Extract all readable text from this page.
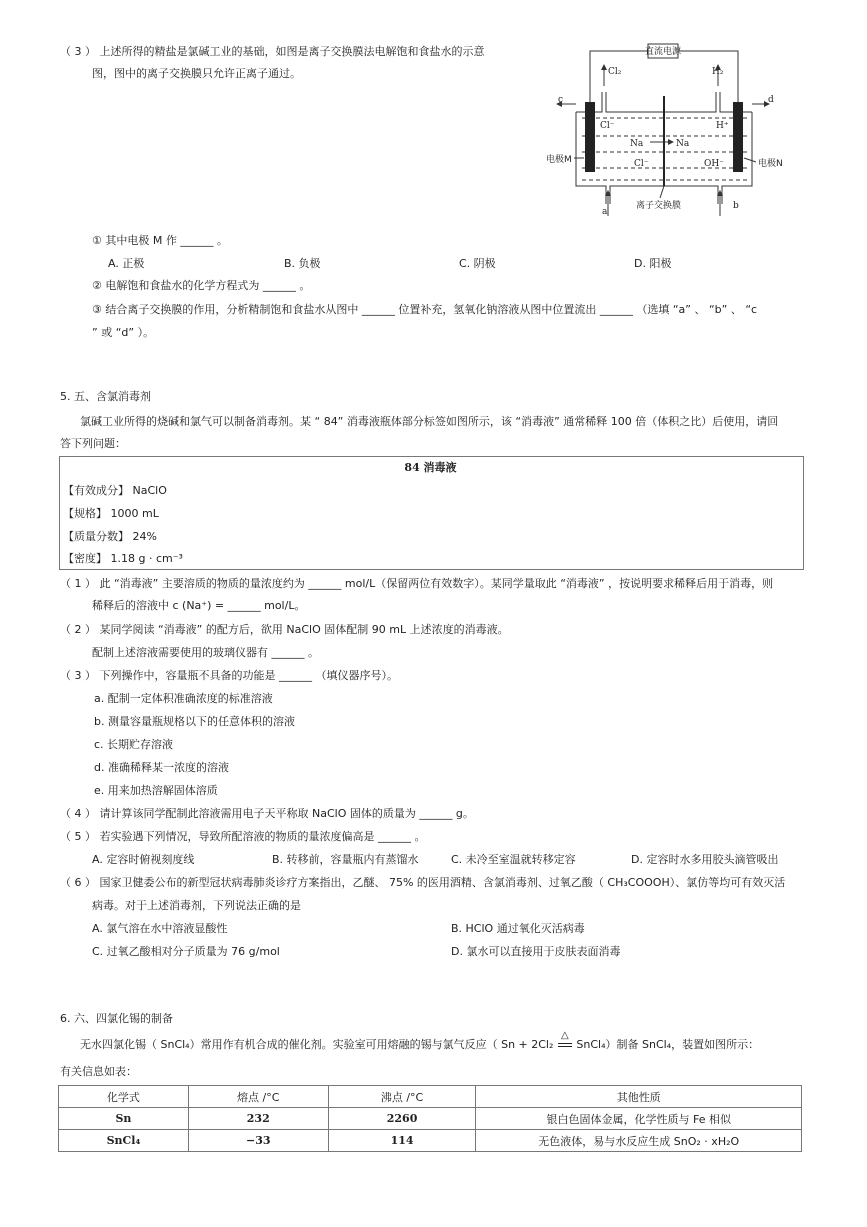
（ 3 ） 上述所得的精盐是氯碱工业的基础，如图是离子交换膜法电解饱和食盐水的示意
图，图中的离子交换膜只允许正离子通过。
直流电源
Cl₂	H₂
c	d
Cl⁻	H⁺
Na	Na
Cl⁻	OH⁻
电极M	电极N
离子交换膜
a
b
① 其中电极 M 作 ______ 。
A. 正极	B. 负极	C. 阴极	D. 阳极
② 电解饱和食盐水的化学方程式为 ______ 。
③ 结合离子交换膜的作用，分析精制饱和食盐水从图中 ______ 位置补充，氢氧化钠溶液从图中位置流出 ______ （选填 “a” 、 “b” 、 “c
” 或 “d” ）。
5. 五、含氯消毒剂
氯碱工业所得的烧碱和氯气可以制备消毒剂。某 “ 84” 消毒液瓶体部分标签如图所示，该 “消毒液” 通常稀释 100 倍（体积之比）后使用，请回
答下列问题：
84 消毒液
【有效成分】 NaClO
【规格】 1000 mL
【质量分数】 24%
【密度】 1.18 g · cm⁻³
（ 1 ） 此 “消毒液” 主要溶质的物质的量浓度约为 ______ mol/L（保留两位有效数字）。某同学量取此 “消毒液” ，按说明要求稀释后用于消毒，则
稀释后的溶液中 c (Na⁺) = ______ mol/L。
（ 2 ） 某同学阅读 “消毒液” 的配方后，欲用 NaClO 固体配制 90 mL 上述浓度的消毒液。
配制上述溶液需要使用的玻璃仪器有 ______ 。
（ 3 ） 下列操作中，容量瓶不具备的功能是 ______ （填仪器序号）。
a. 配制一定体积准确浓度的标准溶液
b. 测量容量瓶规格以下的任意体积的溶液
c. 长期贮存溶液
d. 准确稀释某一浓度的溶液
e. 用来加热溶解固体溶质
（ 4 ） 请计算该同学配制此溶液需用电子天平称取 NaClO 固体的质量为 ______ g。
（ 5 ） 若实验遇下列情况，导致所配溶液的物质的量浓度偏高是 ______ 。
A. 定容时俯视刻度线	B. 转移前，容量瓶内有蒸馏水	C. 未冷至室温就转移定容	D. 定容时水多用胶头滴管吸出
（ 6 ） 国家卫健委公布的新型冠状病毒肺炎诊疗方案指出，乙醚、 75% 的医用酒精、含氯消毒剂、过氧乙酸（ CH₃COOOH）、氯仿等均可有效灭活
病毒。对于上述消毒剂，下列说法正确的是
A. 氯气溶在水中溶液显酸性	B. HClO 通过氧化灭活病毒
C. 过氧乙酸相对分子质量为 76 g/mol	D. 氯水可以直接用于皮肤表面消毒
6. 六、四氯化锡的制备
无水四氯化锡（ SnCl₄）常用作有机合成的催化剂。实验室可用熔融的锡与氯气反应（ Sn + 2Cl₂
△
SnCl₄）制备 SnCl₄，装置如图所示：
有关信息如表：
化学式	熔点 /°C	沸点 /°C	其他性质
Sn	232	2260	银白色固体金属，化学性质与 Fe 相似
SnCl₄	−33	114	无色液体，易与水反应生成 SnO₂ · xH₂O
